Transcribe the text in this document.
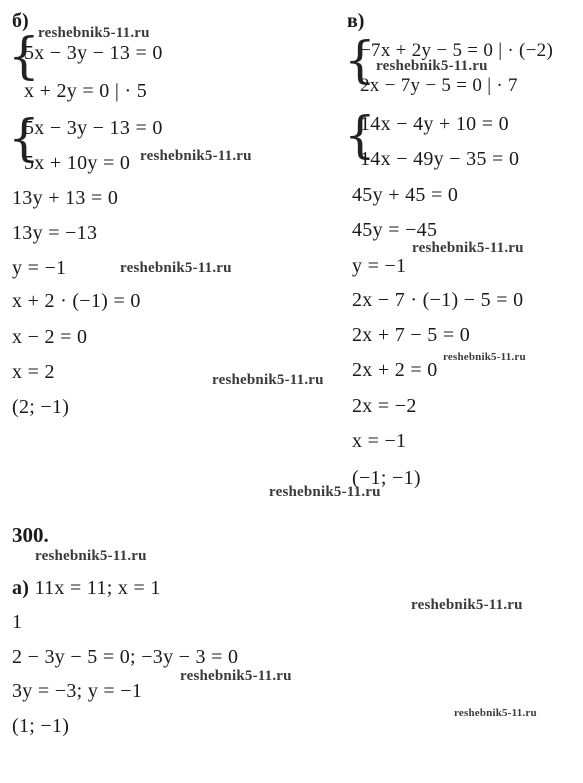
б)
{
5x − 3y − 13 = 0
x + 2y = 0 | · 5
{
5x − 3y − 13 = 0
5x + 10y = 0
13y + 13 = 0
13y = −13
y = −1
x + 2 · (−1) = 0
x − 2 = 0
x = 2
(2; −1)
в)
{
−7x + 2y − 5 = 0 | · (−2)
2x − 7y − 5 = 0 | · 7
{
14x − 4y + 10 = 0
14x − 49y − 35 = 0
45y + 45 = 0
45y = −45
y = −1
2x − 7 · (−1) − 5 = 0
2x + 7 − 5 = 0
2x + 2 = 0
2x = −2
x = −1
(−1; −1)
300.
а) 11x = 11; x = 1
1
2 − 3y − 5 = 0; −3y − 3 = 0
3y = −3; y = −1
(1; −1)
reshebnik5-11.ru
reshebnik5-11.ru
reshebnik5-11.ru
reshebnik5-11.ru
reshebnik5-11.ru
reshebnik5-11.ru
reshebnik5-11.ru
reshebnik5-11.ru
reshebnik5-11.ru
reshebnik5-11.ru
reshebnik5-11.ru
reshebnik5-11.ru
